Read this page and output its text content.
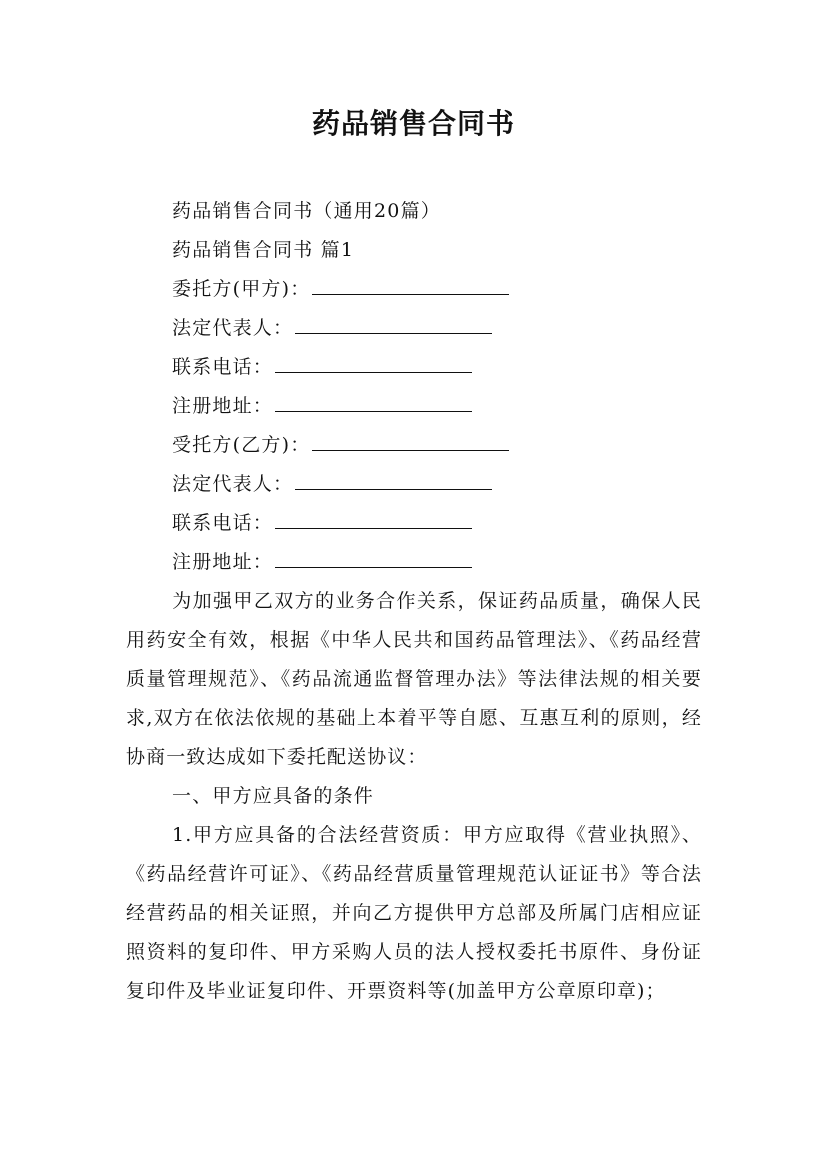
药品销售合同书
药品销售合同书（通用20篇）
药品销售合同书 篇1
委托方(甲方)：
法定代表人：
联系电话：
注册地址：
受托方(乙方)：
法定代表人：
联系电话：
注册地址：
为加强甲乙双方的业务合作关系，保证药品质量，确保人民用药安全有效，根据《中华人民共和国药品管理法》、《药品经营质量管理规范》、《药品流通监督管理办法》等法律法规的相关要求,双方在依法依规的基础上本着平等自愿、互惠互利的原则，经协商一致达成如下委托配送协议：
一、甲方应具备的条件
1.甲方应具备的合法经营资质：甲方应取得《营业执照》、《药品经营许可证》、《药品经营质量管理规范认证证书》等合法经营药品的相关证照，并向乙方提供甲方总部及所属门店相应证照资料的复印件、甲方采购人员的法人授权委托书原件、身份证复印件及毕业证复印件、开票资料等(加盖甲方公章原印章)；
